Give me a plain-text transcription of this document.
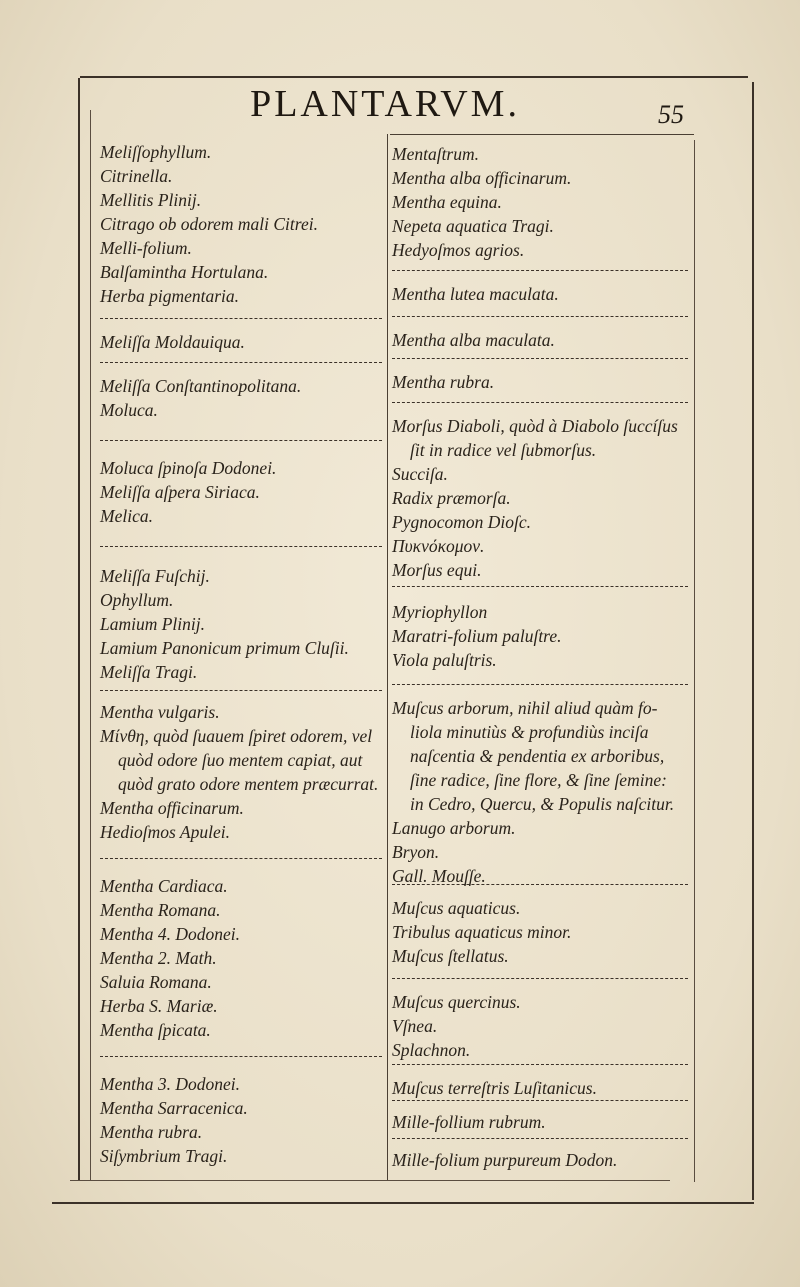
PLANTARVM.	55
Meliſſophyllum.
Citrinella.
Mellitis Plinij.
Citrago ob odorem mali Citrei.
Melli-folium.
Balſaminthа Hortulana.
Herba pigmentaria.
Meliſſa Moldauiqua.
Meliſſa Conſtantinopolitana.
Moluca.
Moluca ſpinoſa Dodonei.
Meliſſa aſpera Siriaca.
Melica.
Meliſſa Fuſchij.
Ophyllum.
Lamium Plinij.
Lamium Panonicum primum Cluſii.
Meliſſa Tragi.
Mentha vulgaris.
Μίνθη, quòd ſuauem ſpiret odorem, vel
quòd odore ſuo mentem capiat, aut
quòd grato odore mentem præcurrat.
Mentha officinarum.
Hedioſmos Apulei.
Mentha Cardiaca.
Mentha Romana.
Mentha 4. Dodonei.
Mentha 2. Math.
Saluia Romana.
Herba S. Mariæ.
Mentha ſpicata.
Mentha 3. Dodonei.
Mentha Sarracenica.
Mentha rubra.
Siſymbrium Tragi.
Mentaſtrum.
Mentha alba officinarum.
Mentha equina.
Nepeta aquatica Tragi.
Hedyoſmos agrios.
Mentha lutea maculata.
Mentha alba maculata.
Mentha rubra.
Morſus Diaboli, quòd à Diabolo ſuccíſus
ſit in radice vel ſubmorſus.
Succiſa.
Radix præmorſa.
Pygnocomon Dioſc.
Πυκνόκομον.
Morſus equi.
Myriophyllon
Maratri-folium paluſtre.
Viola paluſtris.
Muſcus arborum, nihil aliud quàm fo-
liola minutiùs & profundiùs inciſa
naſcentia & pendentia ex arboribus,
ſine radice, ſine flore, & ſine ſemine:
in Cedro, Quercu, & Populis naſcitur.
Lanugo arborum.
Bryon.
Gall. Mouſſe.
Muſcus aquaticus.
Tribulus aquaticus minor.
Muſcus ſtellatus.
Muſcus quercinus.
Vſnea.
Splachnon.
Muſcus terreſtris Luſitanicus.
Mille-follium rubrum.
Mille-folium purpureum Dodon.
